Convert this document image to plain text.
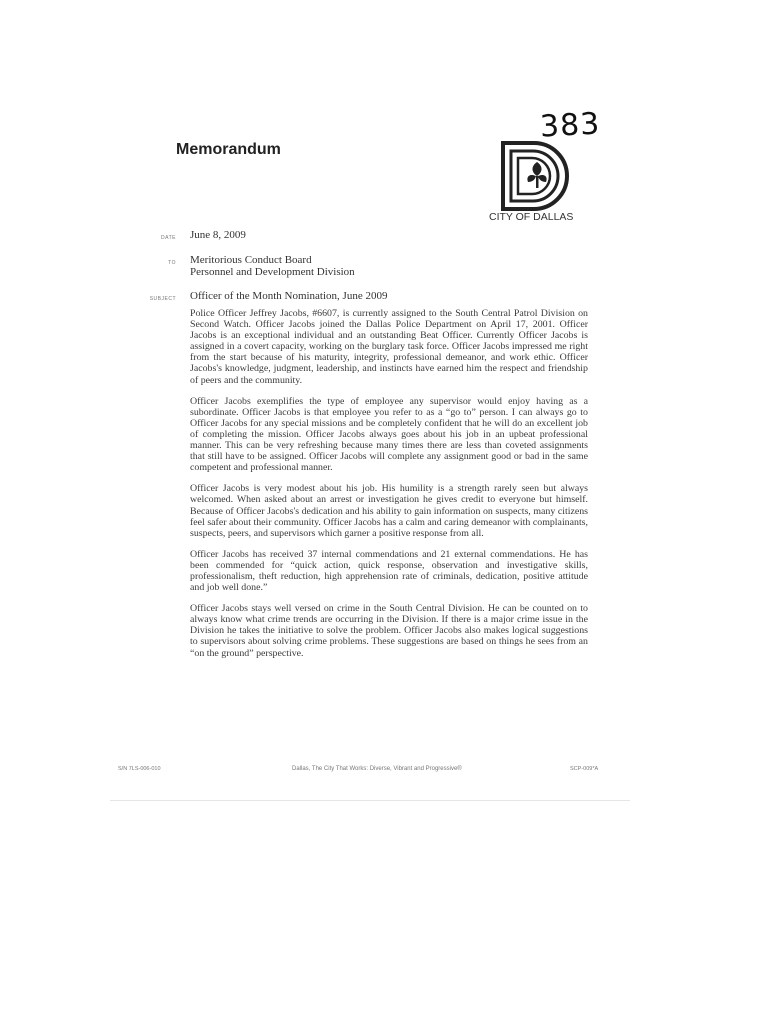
383
Memorandum
CITY OF DALLAS
DATE June 8, 2009
TO Meritorious Conduct Board
Personnel and Development Division
SUBJECT Officer of the Month Nomination, June 2009

Police Officer Jeffrey Jacobs, #6607, is currently assigned to the South Central Patrol Division on Second Watch. Officer Jacobs joined the Dallas Police Department on April 17, 2001. Officer Jacobs is an exceptional individual and an outstanding Beat Officer. Currently Officer Jacobs is assigned in a covert capacity, working on the burglary task force. Officer Jacobs impressed me right from the start because of his maturity, integrity, professional demeanor, and work ethic. Officer Jacobs's knowledge, judgment, leadership, and instincts have earned him the respect and friendship of peers and the community.

Officer Jacobs exemplifies the type of employee any supervisor would enjoy having as a subordinate. Officer Jacobs is that employee you refer to as a “go to” person. I can always go to Officer Jacobs for any special missions and be completely confident that he will do an excellent job of completing the mission. Officer Jacobs always goes about his job in an upbeat professional manner. This can be very refreshing because many times there are less than coveted assignments that still have to be assigned. Officer Jacobs will complete any assignment good or bad in the same competent and professional manner.

Officer Jacobs is very modest about his job. His humility is a strength rarely seen but always welcomed. When asked about an arrest or investigation he gives credit to everyone but himself. Because of Officer Jacobs's dedication and his ability to gain information on suspects, many citizens feel safer about their community. Officer Jacobs has a calm and caring demeanor with complainants, suspects, peers, and supervisors which garner a positive response from all.

Officer Jacobs has received 37 internal commendations and 21 external commendations. He has been commended for “quick action, quick response, observation and investigative skills, professionalism, theft reduction, high apprehension rate of criminals, dedication, positive attitude and job well done.”

Officer Jacobs stays well versed on crime in the South Central Division. He can be counted on to always know what crime trends are occurring in the Division. If there is a major crime issue in the Division he takes the initiative to solve the problem. Officer Jacobs also makes logical suggestions to supervisors about solving crime problems. These suggestions are based on things he sees from an “on the ground” perspective.

S/N 7LS-006-010	Dallas, The City That Works: Diverse, Vibrant and Progressive®	SCP-009*A
